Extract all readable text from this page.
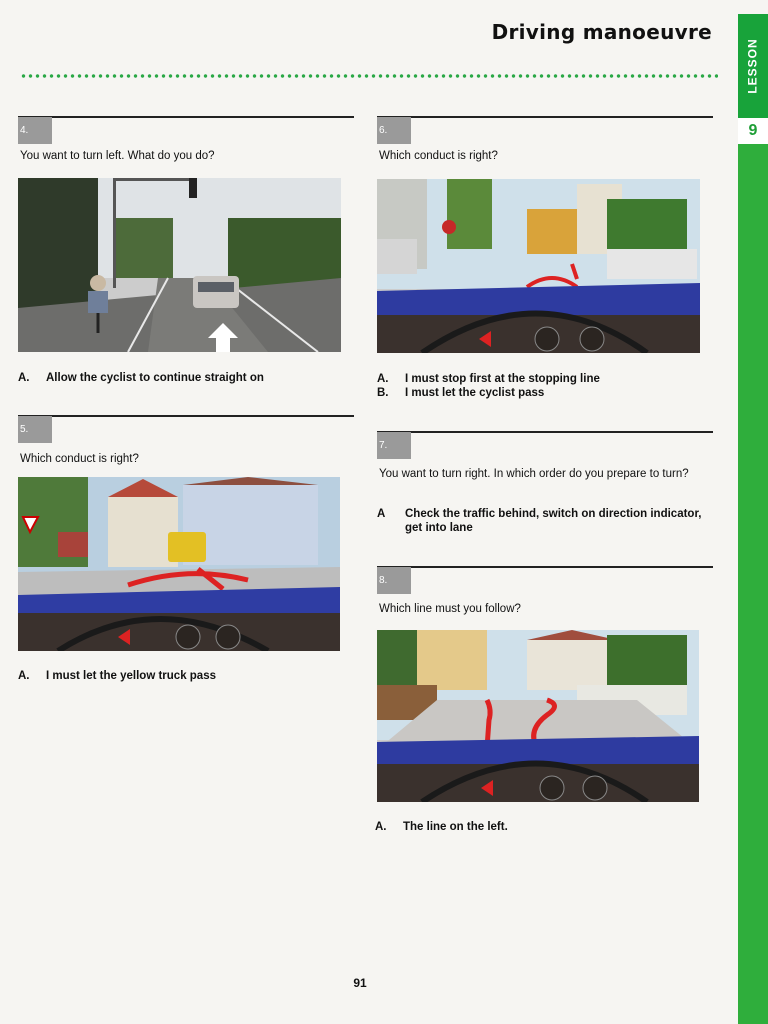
Driving manoeuvre
LESSON
9
4.

You want to turn left. What do you do?

A.	Allow the cyclist to continue straight on
5.

Which conduct is right?

A.	I must let the yellow truck pass
6.

Which conduct is right?

A.	I must stop first at the stopping line
B.	I must let the cyclist pass
7.

You want to turn right. In which order do you prepare to turn?

A	Check the traffic behind, switch on direction indicator, get into lane
8.

Which line must you follow?

A.	The line on the left.
91
